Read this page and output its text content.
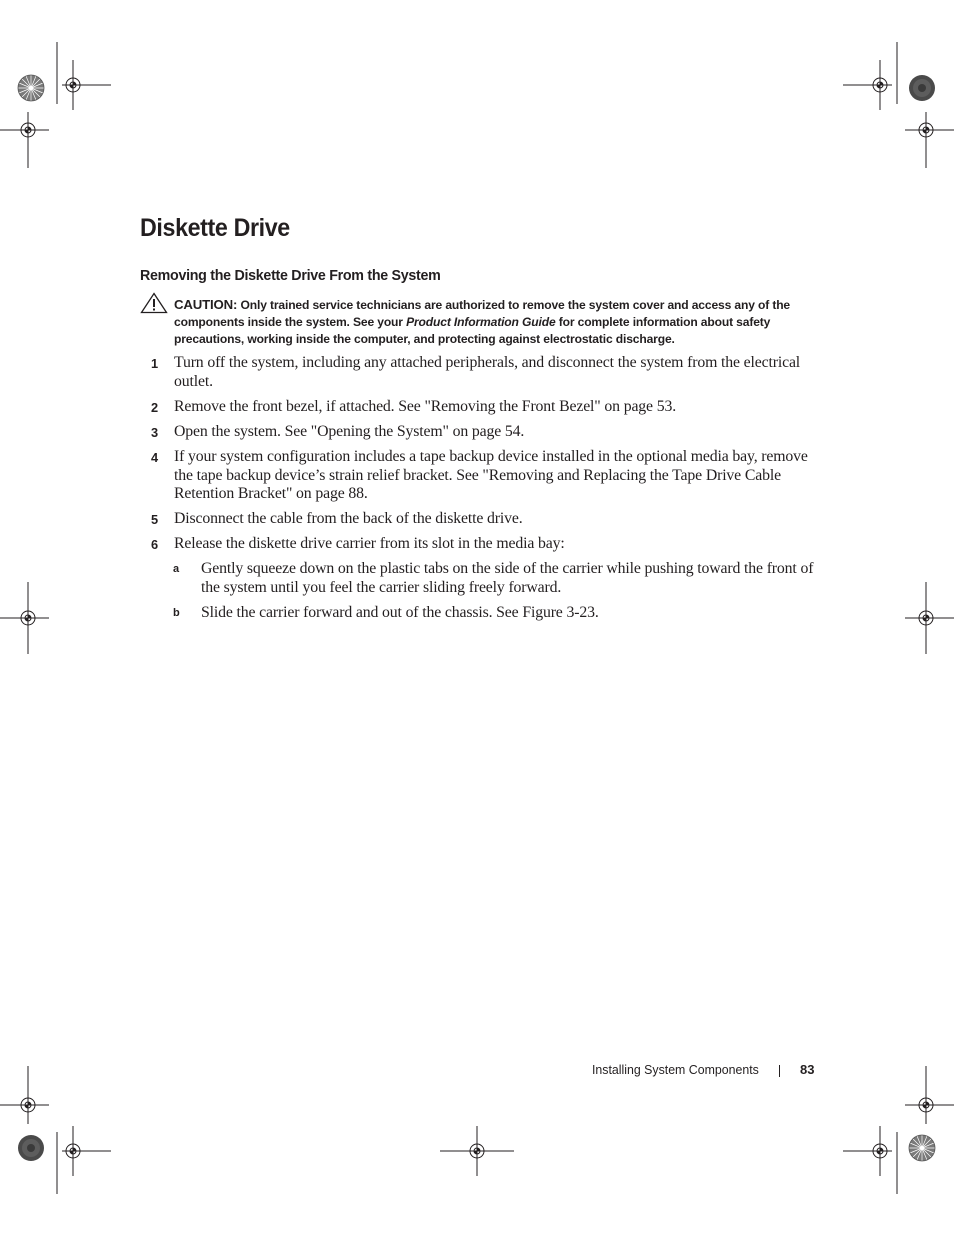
Diskette Drive
Removing the Diskette Drive From the System
CAUTION: Only trained service technicians are authorized to remove the system cover and access any of the components inside the system. See your Product Information Guide for complete information about safety precautions, working inside the computer, and protecting against electrostatic discharge.
1 Turn off the system, including any attached peripherals, and disconnect the system from the electrical outlet.
2 Remove the front bezel, if attached. See "Removing the Front Bezel" on page 53.
3 Open the system. See "Opening the System" on page 54.
4 If your system configuration includes a tape backup device installed in the optional media bay, remove the tape backup device’s strain relief bracket. See "Removing and Replacing the Tape Drive Cable Retention Bracket" on page 88.
5 Disconnect the cable from the back of the diskette drive.
6 Release the diskette drive carrier from its slot in the media bay:
a Gently squeeze down on the plastic tabs on the side of the carrier while pushing toward the front of the system until you feel the carrier sliding freely forward.
b Slide the carrier forward and out of the chassis. See Figure 3-23.
Installing System Components	83
